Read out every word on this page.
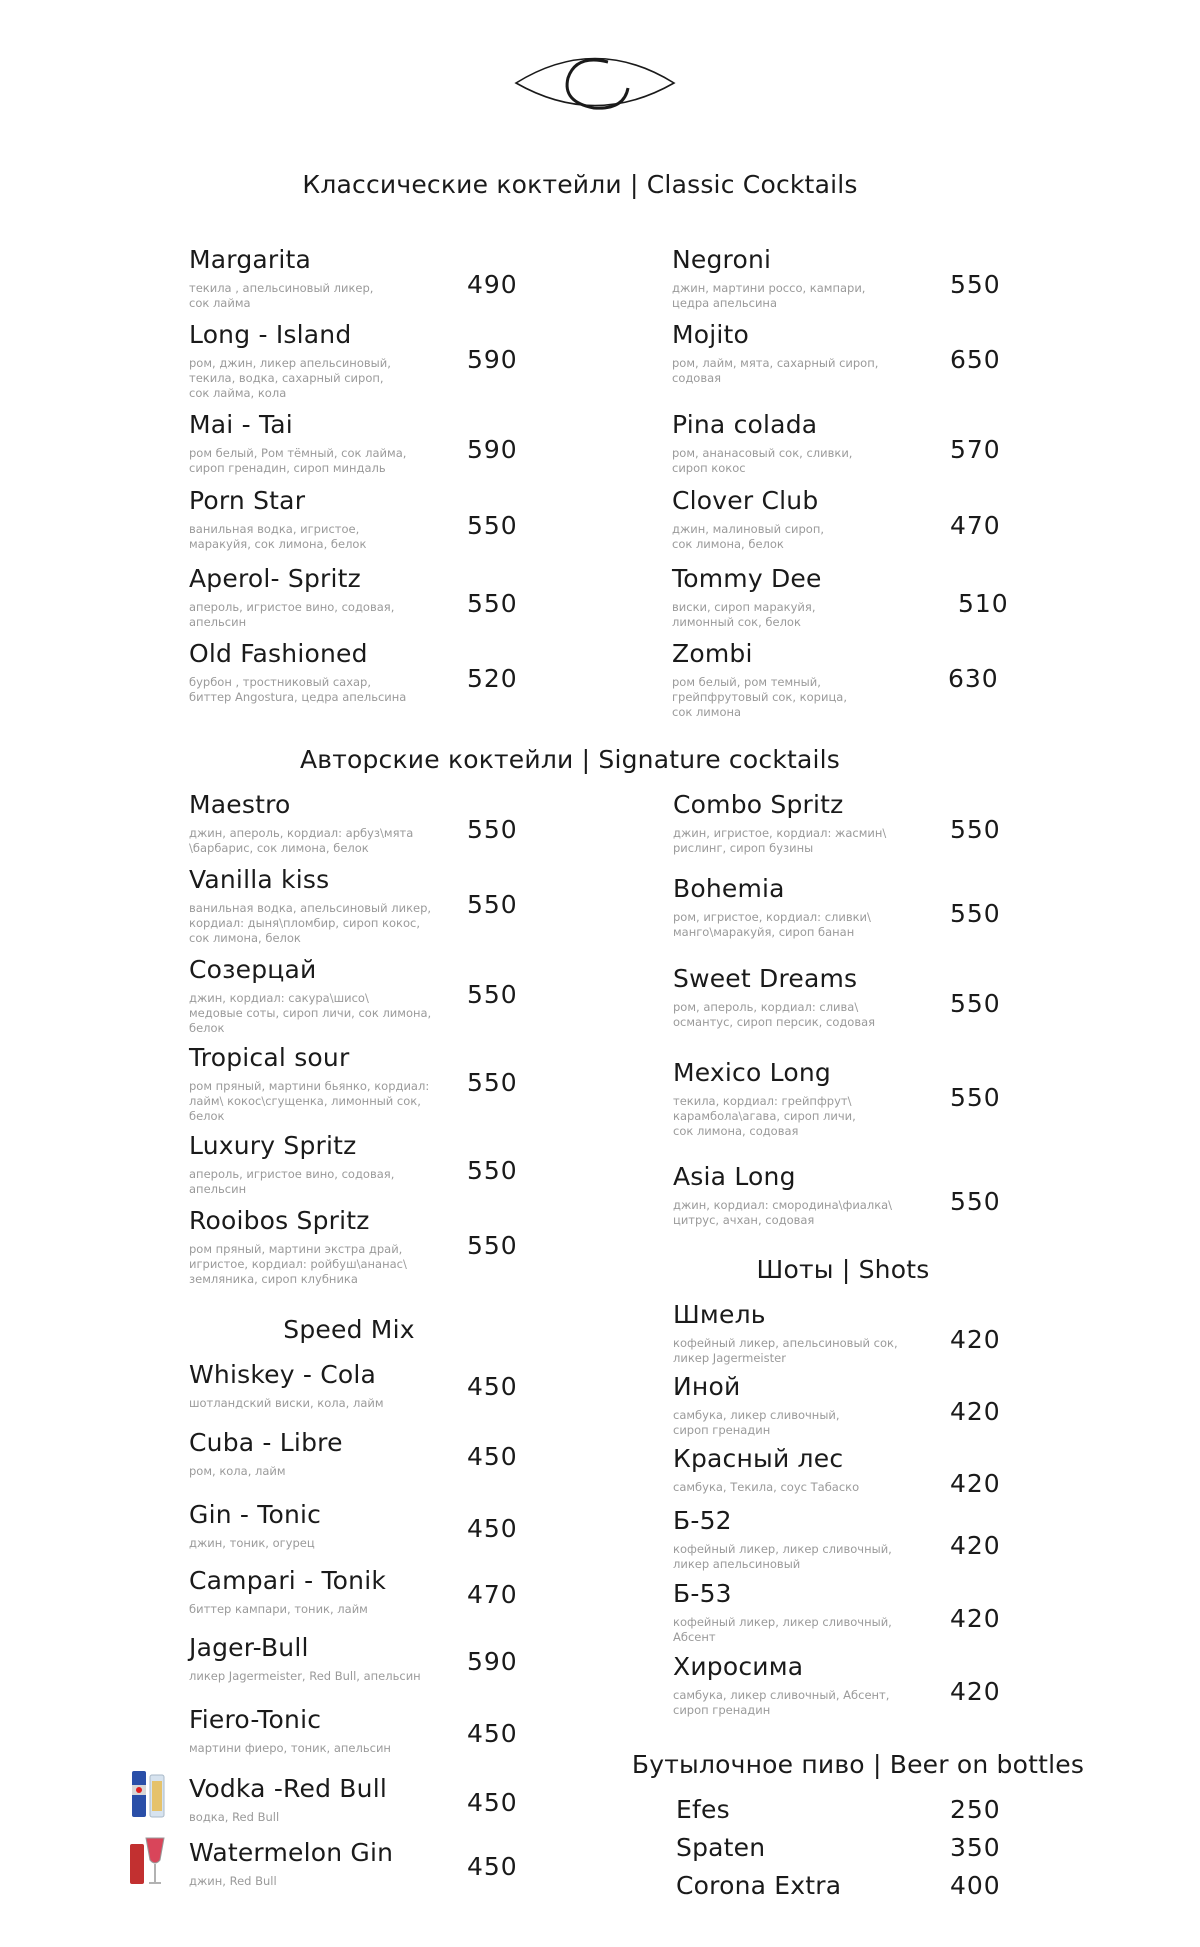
Классические коктейли | Classic Cocktails
Авторские коктейли | Signature cocktails
Speed Mix
Шоты | Shots
Бутылочное пиво | Beer on bottles
Margarita
текила , апельсиновый ликер,
сок лайма
490
Long - Island
ром, джин, ликер апельсиновый,
текила, водка, сахарный сироп,
сок лайма, кола
590
Mai - Tai
ром белый, Ром тёмный, сок лайма,
сироп гренадин, сироп миндаль
590
Porn Star
ванильная водка, игристое,
маракуйя, сок лимона, белок
550
Aperol- Spritz
апероль, игристое вино, содовая,
апельсин
550
Old Fashioned
бурбон , тростниковый сахар,
биттер Angostura, цедра апельсина
520
Negroni
джин, мартини россо, кампари,
цедра апельсина
550
Mojito
ром, лайм, мята, сахарный сироп,
содовая
650
Pina colada
ром, ананасовый сок, сливки,
сироп кокос
570
Clover Club
джин, малиновый сироп,
сок лимона, белок
470
Tommy Dee
виски, сироп маракуйя,
лимонный сок, белок
510
Zombi
ром белый, ром темный,
грейпфрутовый сок, корица,
сок лимона
630
Maestro
джин, апероль, кордиал: арбуз\мята
\барбарис, сок лимона, белок
550
Vanilla kiss
ванильная водка, апельсиновый ликер,
кордиал: дыня\пломбир, сироп кокос,
сок лимона, белок
550
Созерцай
джин, кордиал: сакура\шисо\
медовые соты, сироп личи, сок лимона,
белок
550
Tropical sour
ром пряный, мартини бьянко, кордиал:
лайм\ кокос\сгущенка, лимонный сок,
белок
550
Luxury Spritz
апероль, игристое вино, содовая,
апельсин
550
Rooibos Spritz
ром пряный, мартини экстра драй,
игристое, кордиал: ройбуш\ананас\
земляника, сироп клубника
550
Combo Spritz
джин, игристое, кордиал: жасмин\
рислинг, сироп бузины
550
Bohemia
ром, игристое, кордиал: сливки\
манго\маракуйя, сироп банан
550
Sweet Dreams
ром, апероль, кордиал: слива\
османтус, сироп персик, содовая
550
Mexico Long
текила, кордиал: грейпфрут\
карамбола\агава, сироп личи,
сок лимона, содовая
550
Asia Long
джин, кордиал: смородина\фиалка\
цитрус, ачхан, содовая
550
Whiskey - Cola
шотландский виски, кола, лайм
450
Cuba - Libre
ром, кола, лайм	450
Gin - Tonic
джин, тоник, огурец	450
Campari - Tonik
биттер кампари, тоник, лайм	470
Jager-Bull
ликер Jagermeister, Red Bull, апельсин	590
Fiero-Tonic
мартини фиеро, тоник, апельсин	450
Vodka -Red Bull
водка, Red Bull	450
Watermelon Gin
джин, Red Bull	450
Шмель
кофейный ликер, апельсиновый сок,
ликер Jagermeister
420
Иной
самбука, ликер сливочный,
сироп гренадин
420
Красный лес
самбука, Текила, соус Табаско	420
Б-52
кофейный ликер, ликер сливочный,
ликер апельсиновый
420
Б-53
кофейный ликер, ликер сливочный,
Абсент
420
Хиросима
самбука, ликер сливочный, Абсент,
сироп гренадин
420
Efes	250
Spaten	350
Corona Extra	400
